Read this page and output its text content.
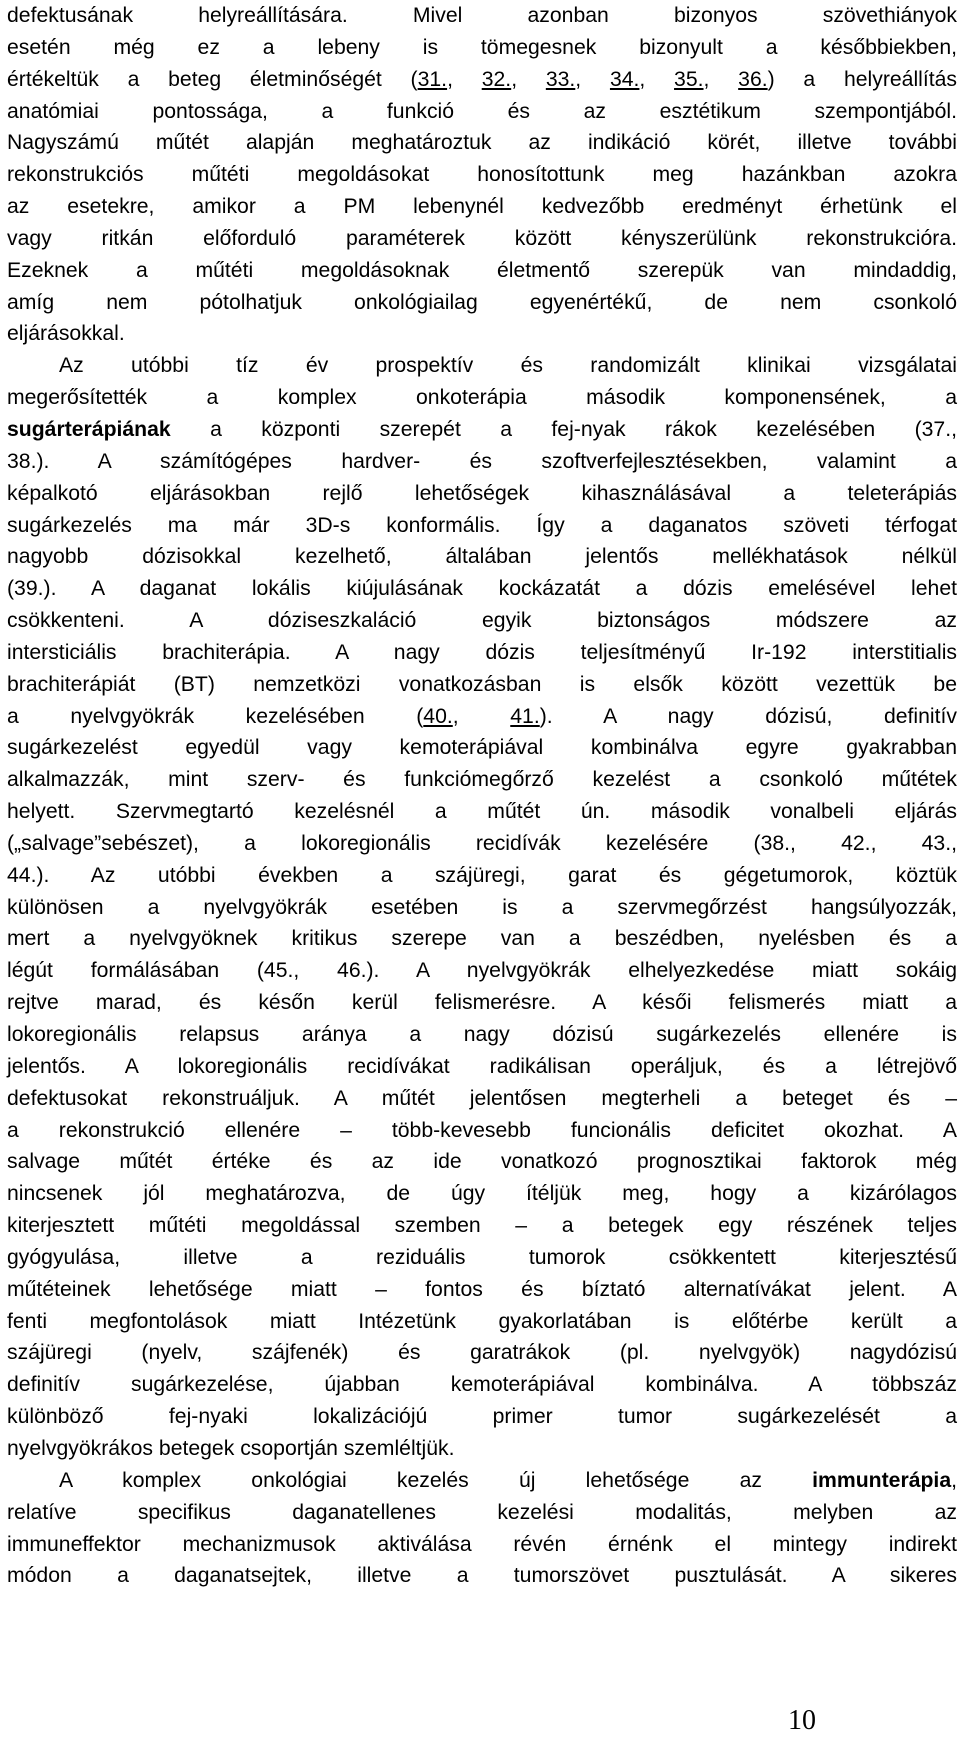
defektusának helyreállítására. Mivel azonban bizonyos szövethiányok
esetén még ez a lebeny is tömegesnek bizonyult a későbbiekben,
értékeltük a beteg életminőségét (31., 32., 33., 34., 35., 36.) a helyreállítás
anatómiai pontossága, a funkció és az esztétikum szempontjából.
Nagyszámú műtét alapján meghatároztuk az indikáció körét, illetve további
rekonstrukciós műtéti megoldásokat honosítottunk meg hazánkban azokra
az esetekre, amikor a PM lebenynél kedvezőbb eredményt érhetünk el
vagy ritkán előforduló paraméterek között kényszerülünk rekonstrukcióra.
Ezeknek a műtéti megoldásoknak életmentő szerepük van mindaddig,
amíg nem pótolhatjuk onkológiailag egyenértékű, de nem csonkoló
eljárásokkal.
Az utóbbi tíz év prospektív és randomizált klinikai vizsgálatai
megerősítették a komplex onkoterápia második komponensének, a
sugárterápiának a központi szerepét a fej-nyak rákok kezelésében (37.,
38.). A számítógépes hardver- és szoftverfejlesztésekben, valamint a
képalkotó eljárásokban rejlő lehetőségek kihasználásával a teleterápiás
sugárkezelés ma már 3D-s konformális. Így a daganatos szöveti térfogat
nagyobb dózisokkal kezelhető, általában jelentős mellékhatások nélkül
(39.). A daganat lokális kiújulásának kockázatát a dózis emelésével lehet
csökkenteni. A dóziseszkaláció egyik biztonságos módszere az
intersticiális brachiterápia. A nagy dózis teljesítményű Ir-192 interstitialis
brachiterápiát (BT) nemzetközi vonatkozásban is elsők között vezettük be
a nyelvgyökrák kezelésében (40., 41.). A nagy dózisú, definitív
sugárkezelést egyedül vagy kemoterápiával kombinálva egyre gyakrabban
alkalmazzák, mint szerv- és funkciómegőrző kezelést a csonkoló műtétek
helyett. Szervmegtartó kezelésnél a műtét ún. második vonalbeli eljárás
(„salvage”sebészet), a lokoregionális recidívák kezelésére (38., 42., 43.,
44.). Az utóbbi években a szájüregi, garat és gégetumorok, köztük
különösen a nyelvgyökrák esetében is a szervmegőrzést hangsúlyozzák,
mert a nyelvgyöknek kritikus szerepe van a beszédben, nyelésben és a
légút formálásában (45., 46.). A nyelvgyökrák elhelyezkedése miatt sokáig
rejtve marad, és későn kerül felismerésre. A késői felismerés miatt a
lokoregionális relapsus aránya a nagy dózisú sugárkezelés ellenére is
jelentős. A lokoregionális recidívákat radikálisan operáljuk, és a létrejövő
defektusokat rekonstruáljuk. A műtét jelentősen megterheli a beteget és –
a rekonstrukció ellenére – több-kevesebb funcionális deficitet okozhat. A
salvage műtét értéke és az ide vonatkozó prognosztikai faktorok még
nincsenek jól meghatározva, de úgy ítéljük meg, hogy a kizárólagos
kiterjesztett műtéti megoldással szemben – a betegek egy részének teljes
gyógyulása, illetve a reziduális tumorok csökkentett kiterjesztésű
műtéteinek lehetősége miatt – fontos és bíztató alternatívákat jelent. A
fenti megfontolások miatt Intézetünk gyakorlatában is előtérbe került a
szájüregi (nyelv, szájfenék) és garatrákok (pl. nyelvgyök) nagydózisú
definitív sugárkezelése, újabban kemoterápiával kombinálva. A többszáz
különböző fej-nyaki lokalizációjú primer tumor sugárkezelését a
nyelvgyökrákos betegek csoportján szemléltjük.
A komplex onkológiai kezelés új lehetősége az immunterápia,
relatíve specifikus daganatellenes kezelési modalitás, melyben az
immuneffektor mechanizmusok aktiválása révén érnénk el mintegy indirekt
módon a daganatsejtek, illetve a tumorszövet pusztulását. A sikeres
10
